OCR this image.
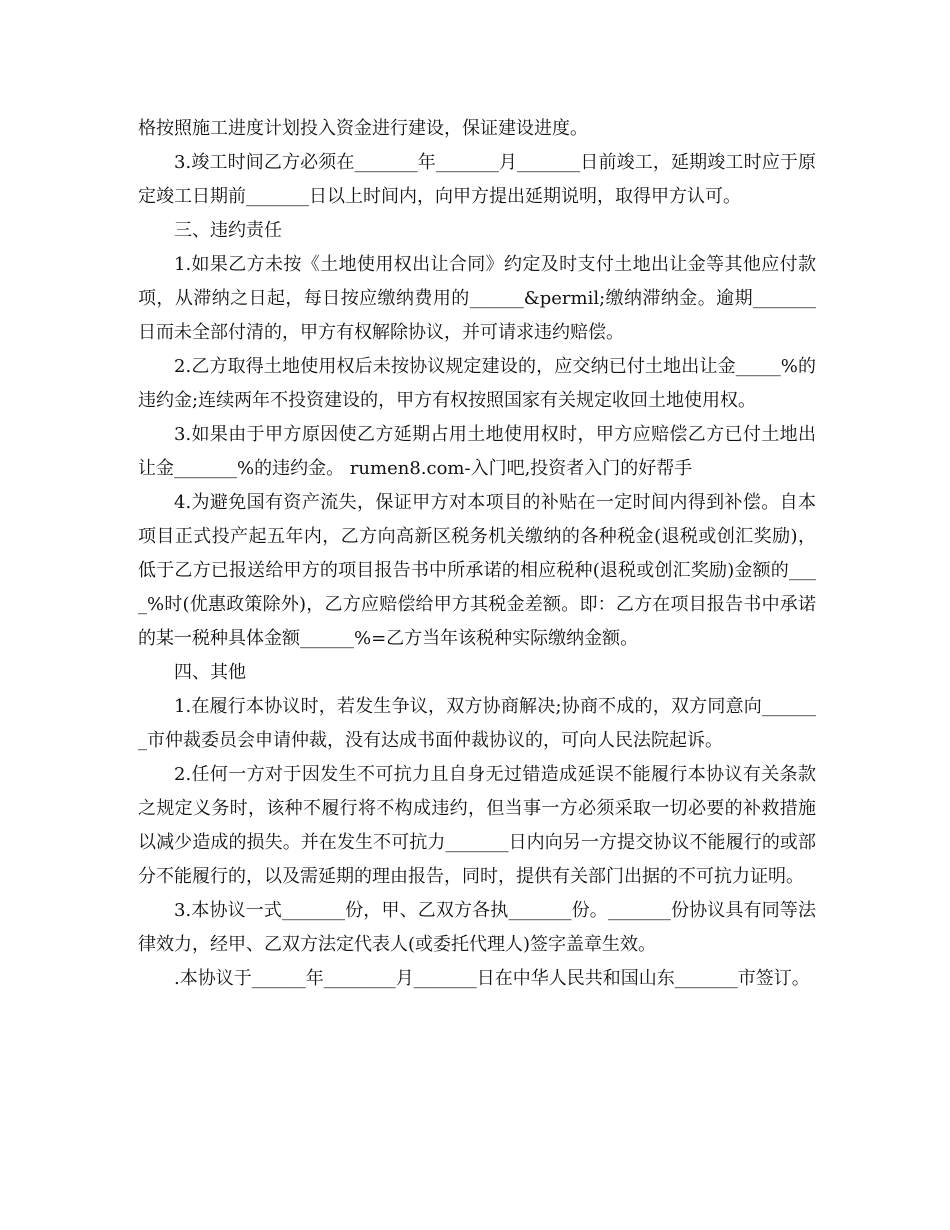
格按照施工进度计划投入资金进行建设，保证建设进度。

3.竣工时间乙方必须在_______年_______月_______日前竣工，延期竣工时应于原定竣工日期前_______日以上时间内，向甲方提出延期说明，取得甲方认可。

三、违约责任

1.如果乙方未按《土地使用权出让合同》约定及时支付土地出让金等其他应付款项，从滞纳之日起，每日按应缴纳费用的______&permil;缴纳滞纳金。逾期_______日而未全部付清的，甲方有权解除协议，并可请求违约赔偿。

2.乙方取得土地使用权后未按协议规定建设的，应交纳已付土地出让金_____%的违约金;连续两年不投资建设的，甲方有权按照国家有关规定收回土地使用权。

3.如果由于甲方原因使乙方延期占用土地使用权时，甲方应赔偿乙方已付土地出让金_______%的违约金。 rumen8.com-入门吧,投资者入门的好帮手

4.为避免国有资产流失，保证甲方对本项目的补贴在一定时间内得到补偿。自本项目正式投产起五年内，乙方向高新区税务机关缴纳的各种税金(退税或创汇奖励)，低于乙方已报送给甲方的项目报告书中所承诺的相应税种(退税或创汇奖励)金额的____%时(优惠政策除外)，乙方应赔偿给甲方其税金差额。即：乙方在项目报告书中承诺的某一税种具体金额______%=乙方当年该税种实际缴纳金额。

四、其他

1.在履行本协议时，若发生争议，双方协商解决;协商不成的，双方同意向_______市仲裁委员会申请仲裁，没有达成书面仲裁协议的，可向人民法院起诉。

2.任何一方对于因发生不可抗力且自身无过错造成延误不能履行本协议有关条款之规定义务时，该种不履行将不构成违约，但当事一方必须采取一切必要的补救措施以减少造成的损失。并在发生不可抗力_______日内向另一方提交协议不能履行的或部分不能履行的，以及需延期的理由报告，同时，提供有关部门出据的不可抗力证明。

3.本协议一式_______份，甲、乙双方各执_______份。_______份协议具有同等法律效力，经甲、乙双方法定代表人(或委托代理人)签字盖章生效。

.本协议于______年________月_______日在中华人民共和国山东_______市签订。
